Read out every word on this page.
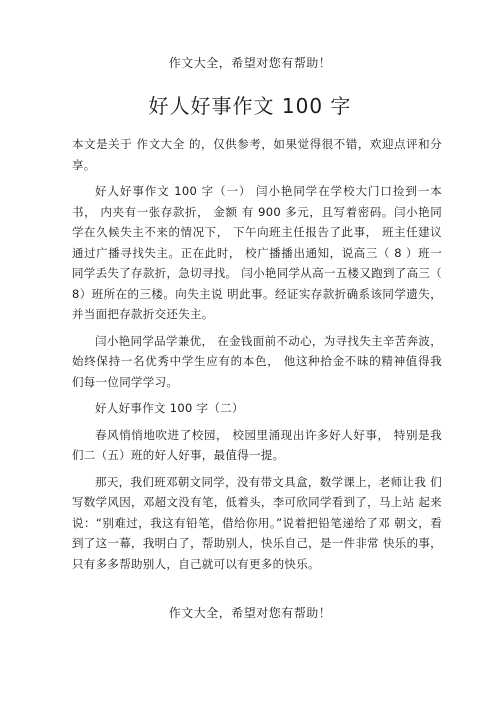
作文大全，希望对您有帮助！
好人好事作文 100 字

本文是关于 作文大全 的，仅供参考，如果觉得很不错，欢迎点评和分 享。

好人好事作文 100 字（一） 闫小艳同学在学校大门口捡到一本书， 内夹有一张存款折， 金额 有 900 多元，且写着密码。闫小艳同学在久候失主不来的情况下， 下午向班主任报告了此事， 班主任建议通过广播寻找失主。正在此时， 校广播播出通知，说高三（ 8 ）班一同学丢失了存款折，急切寻找。 闫小艳同学从高一五楼又跑到了高三（ 8）班所在的三楼。向失主说 明此事。经证实存款折确系该同学遗失，并当面把存款折交还失主。

闫小艳同学品学兼优， 在金钱面前不动心，为寻找失主辛苦奔波， 始终保持一名优秀中学生应有的本色， 他这种拾金不昧的精神值得我 们每一位同学学习。

好人好事作文 100 字（二）

春风悄悄地吹进了校园， 校园里涌现出许多好人好事， 特别是我 们二（五）班的好人好事，最值得一提。

那天，我们班邓朝文同学，没有带文具盒，数学课上，老师让我 们写数学风因，邓超文没有笔，低着头，李可欣同学看到了，马上站 起来说：“别难过，我这有铅笔，借给你用。”说着把铅笔递给了邓 朝文，看到了这一幕，我明白了，帮助别人，快乐自己，是一件非常 快乐的事，只有多多帮助别人，自己就可以有更多的快乐。

作文大全，希望对您有帮助！
